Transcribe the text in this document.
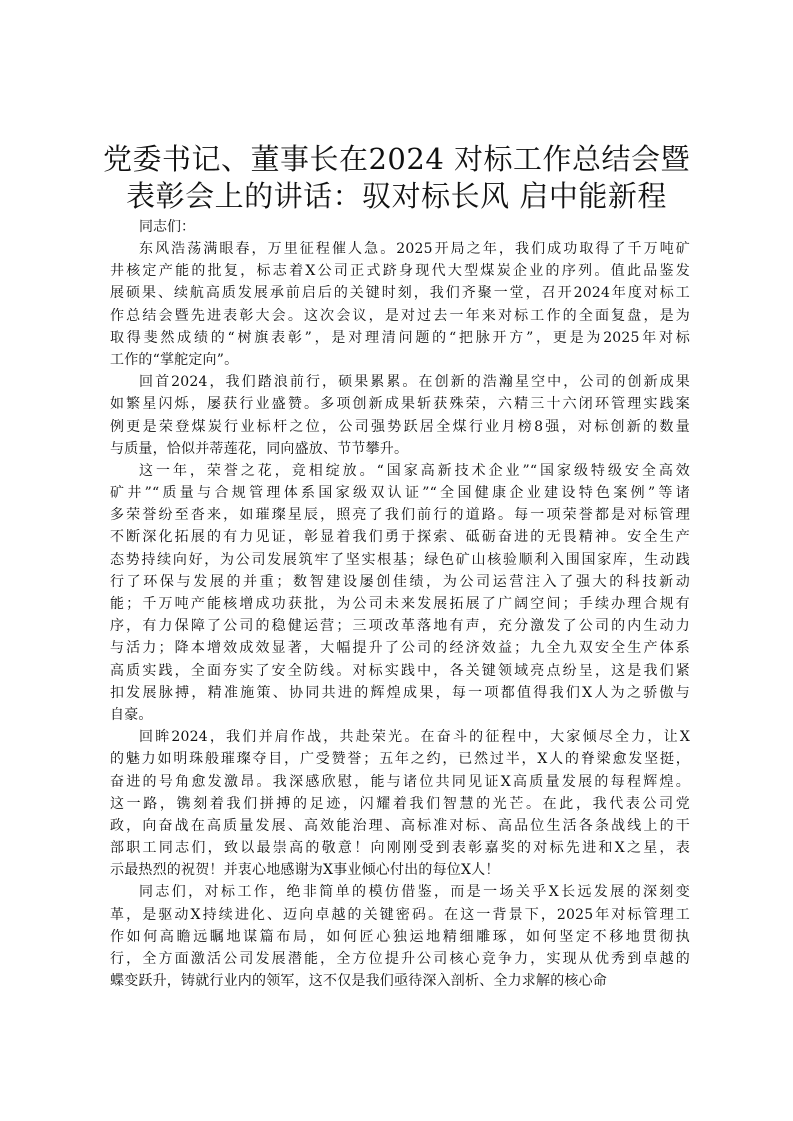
党委书记、董事长在2024 对标工作总结会暨
表彰会上的讲话：驭对标长风 启中能新程

同志们：

东风浩荡满眼春，万里征程催人急。2025开局之年，我们成功取得了千万吨矿
井核定产能的批复，标志着X公司正式跻身现代大型煤炭企业的序列。值此品鉴发
展硕果、续航高质发展承前启后的关键时刻，我们齐聚一堂，召开2024年度对标工
作总结会暨先进表彰大会。这次会议，是对过去一年来对标工作的全面复盘，是为
取得斐然成绩的“树旗表彰”，是对理清问题的“把脉开方”，更是为2025年对标
工作的“掌舵定向”。
回首2024，我们踏浪前行，硕果累累。在创新的浩瀚星空中，公司的创新成果
如繁星闪烁，屡获行业盛赞。多项创新成果斩获殊荣，六精三十六闭环管理实践案
例更是荣登煤炭行业标杆之位，公司强势跃居全煤行业月榜8强，对标创新的数量
与质量，恰似并蒂莲花，同向盛放、节节攀升。
这一年，荣誉之花，竞相绽放。“国家高新技术企业”“国家级特级安全高效
矿井”“质量与合规管理体系国家级双认证”“全国健康企业建设特色案例”等诸
多荣誉纷至沓来，如璀璨星辰，照亮了我们前行的道路。每一项荣誉都是对标管理
不断深化拓展的有力见证，彰显着我们勇于探索、砥砺奋进的无畏精神。安全生产
态势持续向好，为公司发展筑牢了坚实根基；绿色矿山核验顺利入围国家库，生动践
行了环保与发展的并重；数智建设屡创佳绩，为公司运营注入了强大的科技新动
能；千万吨产能核增成功获批，为公司未来发展拓展了广阔空间；手续办理合规有
序，有力保障了公司的稳健运营；三项改革落地有声，充分激发了公司的内生动力
与活力；降本增效成效显著，大幅提升了公司的经济效益；九全九双安全生产体系
高质实践，全面夯实了安全防线。对标实践中，各关键领域亮点纷呈，这是我们紧
扣发展脉搏，精准施策、协同共进的辉煌成果，每一项都值得我们X人为之骄傲与
自豪。
回眸2024，我们并肩作战，共赴荣光。在奋斗的征程中，大家倾尽全力，让X
的魅力如明珠般璀璨夺目，广受赞誉；五年之约，已然过半，X人的脊梁愈发坚挺，
奋进的号角愈发激昂。我深感欣慰，能与诸位共同见证X高质量发展的每程辉煌。
这一路，镌刻着我们拼搏的足迹，闪耀着我们智慧的光芒。在此，我代表公司党
政，向奋战在高质量发展、高效能治理、高标准对标、高品位生活各条战线上的干
部职工同志们，致以最崇高的敬意！向刚刚受到表彰嘉奖的对标先进和X之星，表
示最热烈的祝贺！并衷心地感谢为X事业倾心付出的每位X人！
同志们，对标工作，绝非简单的模仿借鉴，而是一场关乎X长远发展的深刻变
革，是驱动X持续进化、迈向卓越的关键密码。在这一背景下，2025年对标管理工
作如何高瞻远瞩地谋篇布局，如何匠心独运地精细雕琢，如何坚定不移地贯彻执
行，全方面激活公司发展潜能，全方位提升公司核心竞争力，实现从优秀到卓越的
蝶变跃升，铸就行业内的领军，这不仅是我们亟待深入剖析、全力求解的核心命
